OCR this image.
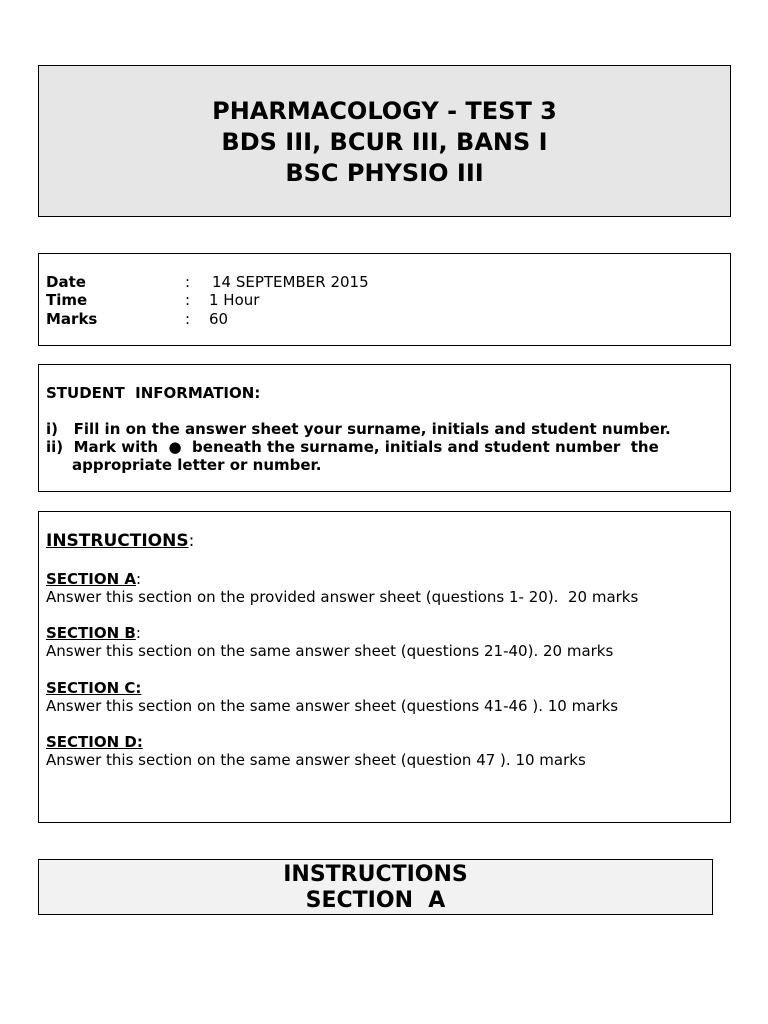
PHARMACOLOGY - TEST 3
BDS III, BCUR III, BANS I
BSC PHYSIO III
Date	: 14 SEPTEMBER 2015
Time	: 1 Hour
Marks	: 60
STUDENT  INFORMATION:
i)   Fill in on the answer sheet your surname, initials and student number.
ii)  Mark with  ●  beneath the surname, initials and student number  the
appropriate letter or number.
INSTRUCTIONS:
SECTION A:
Answer this section on the provided answer sheet (questions 1- 20).  20 marks
SECTION B:
Answer this section on the same answer sheet (questions 21-40). 20 marks
SECTION C:
Answer this section on the same answer sheet (questions 41-46 ). 10 marks
SECTION D:
Answer this section on the same answer sheet (question 47 ). 10 marks
INSTRUCTIONS
SECTION  A
